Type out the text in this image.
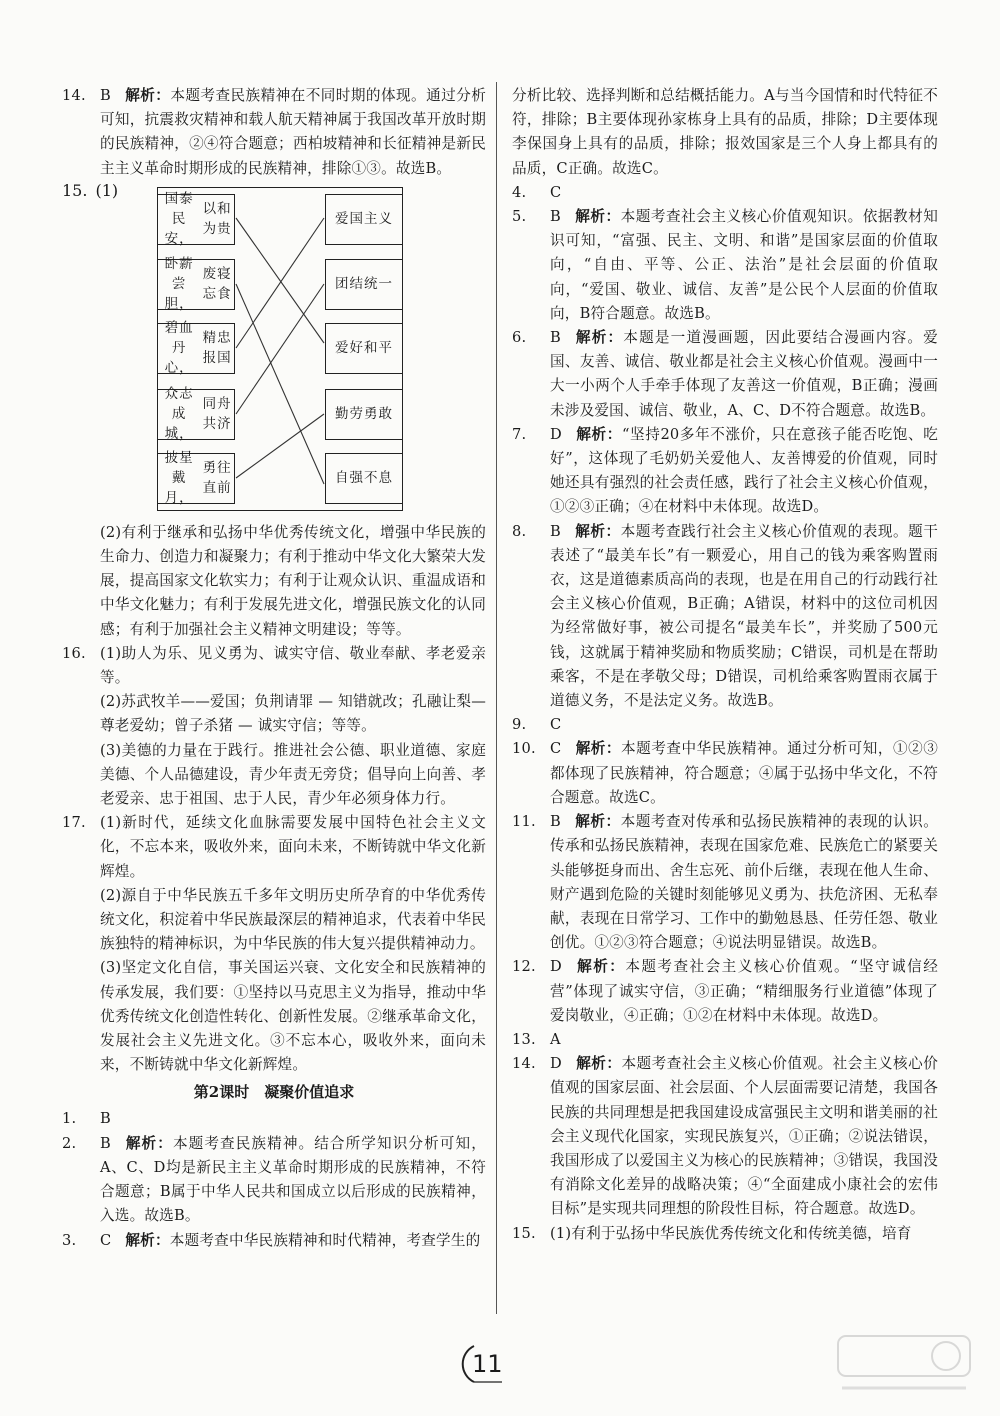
14. B 解析：本题考查民族精神在不同时期的体现。通过分析可知，抗震救灾精神和载人航天精神属于我国改革开放时期的民族精神，②④符合题意；西柏坡精神和长征精神是新民主主义革命时期形成的民族精神，排除①③。故选B。
15. (1)	国泰民安，

以和为贵
卧薪尝胆，

废寝忘食
碧血丹心，

精忠报国
众志成城，

同舟共济
披星戴月，

勇往直前
爱国主义
团结统一
爱好和平
勤劳勇敢
自强不息
(2)有利于继承和弘扬中华优秀传统文化，增强中华民族的生命力、创造力和凝聚力；有利于推动中华文化大繁荣大发展，提高国家文化软实力；有利于让观众认识、重温成语和中华文化魅力；有利于发展先进文化，增强民族文化的认同感；有利于加强社会主义精神文明建设；等等。
16. (1)助人为乐、见义勇为、诚实守信、敬业奉献、孝老爱亲等。
(2)苏武牧羊——爱国；负荆请罪 — 知错就改；孔融让梨— 尊老爱幼；曾子杀猪 — 诚实守信；等等。
(3)美德的力量在于践行。推进社会公德、职业道德、家庭美德、个人品德建设，青少年责无旁贷；倡导向上向善、孝老爱亲、忠于祖国、忠于人民，青少年必须身体力行。
17. (1)新时代，延续文化血脉需要发展中国特色社会主义文化，不忘本来，吸收外来，面向未来，不断铸就中华文化新辉煌。
(2)源自于中华民族五千多年文明历史所孕育的中华优秀传统文化，积淀着中华民族最深层的精神追求，代表着中华民族独特的精神标识，为中华民族的伟大复兴提供精神动力。
(3)坚定文化自信，事关国运兴衰、文化安全和民族精神的传承发展，我们要：①坚持以马克思主义为指导，推动中华优秀传统文化创造性转化、创新性发展。②继承革命文化，发展社会主义先进文化。③不忘本心，吸收外来，面向未来，不断铸就中华文化新辉煌。
第2课时　凝聚价值追求
1.	B
2.	B 解析：本题考查民族精神。结合所学知识分析可知，A、C、D均是新民主主义革命时期形成的民族精神，不符合题意；B属于中华人民共和国成立以后形成的民族精神，入选。故选B。
3.	C 解析：本题考查中华民族精神和时代精神，考查学生的
分析比较、选择判断和总结概括能力。A与当今国情和时代特征不符，排除；B主要体现孙家栋身上具有的品质，排除；D主要体现李保国身上具有的品质，排除；报效国家是三个人身上都具有的品质，C正确。故选C。
4.	C
5.	B 解析：本题考查社会主义核心价值观知识。依据教材知识可知，“富强、民主、文明、和谐”是国家层面的价值取向，“自由、平等、公正、法治”是社会层面的价值取向，“爱国、敬业、诚信、友善”是公民个人层面的价值取向，B符合题意。故选B。
6.	B 解析：本题是一道漫画题，因此要结合漫画内容。爱国、友善、诚信、敬业都是社会主义核心价值观。漫画中一大一小两个人手牵手体现了友善这一价值观，B正确；漫画未涉及爱国、诚信、敬业，A、C、D不符合题意。故选B。
7.	D 解析：“坚持20多年不涨价，只在意孩子能否吃饱、吃好”，这体现了毛奶奶关爱他人、友善博爱的价值观，同时她还具有强烈的社会责任感，践行了社会主义核心价值观，①②③正确；④在材料中未体现。故选D。
8.	B 解析：本题考查践行社会主义核心价值观的表现。题干表述了“最美车长”有一颗爱心，用自己的钱为乘客购置雨衣，这是道德素质高尚的表现，也是在用自己的行动践行社会主义核心价值观，B正确；A错误，材料中的这位司机因为经常做好事，被公司提名“最美车长”，并奖励了500元钱，这就属于精神奖励和物质奖励；C错误，司机是在帮助乘客，不是在孝敬父母；D错误，司机给乘客购置雨衣属于道德义务，不是法定义务。故选B。
9.	C
10. C 解析：本题考查中华民族精神。通过分析可知，①②③都体现了民族精神，符合题意；④属于弘扬中华文化，不符合题意。故选C。
11. B 解析：本题考查对传承和弘扬民族精神的表现的认识。传承和弘扬民族精神，表现在国家危难、民族危亡的紧要关头能够挺身而出、舍生忘死、前仆后继，表现在他人生命、财产遇到危险的关键时刻能够见义勇为、扶危济困、无私奉献，表现在日常学习、工作中的勤勉恳恳、任劳任怨、敬业创优。①②③符合题意；④说法明显错误。故选B。
12. D 解析：本题考查社会主义核心价值观。“坚守诚信经营”体现了诚实守信，③正确；“精细服务行业道德”体现了爱岗敬业，④正确；①②在材料中未体现。故选D。
13. A
14. D 解析：本题考查社会主义核心价值观。社会主义核心价值观的国家层面、社会层面、个人层面需要记清楚，我国各民族的共同理想是把我国建设成富强民主文明和谐美丽的社会主义现代化国家，实现民族复兴，①正确；②说法错误，我国形成了以爱国主义为核心的民族精神；③错误，我国没有消除文化差异的战略决策；④“全面建成小康社会的宏伟目标”是实现共同理想的阶段性目标，符合题意。故选D。
15. (1)有利于弘扬中华民族优秀传统文化和传统美德，培育
11
